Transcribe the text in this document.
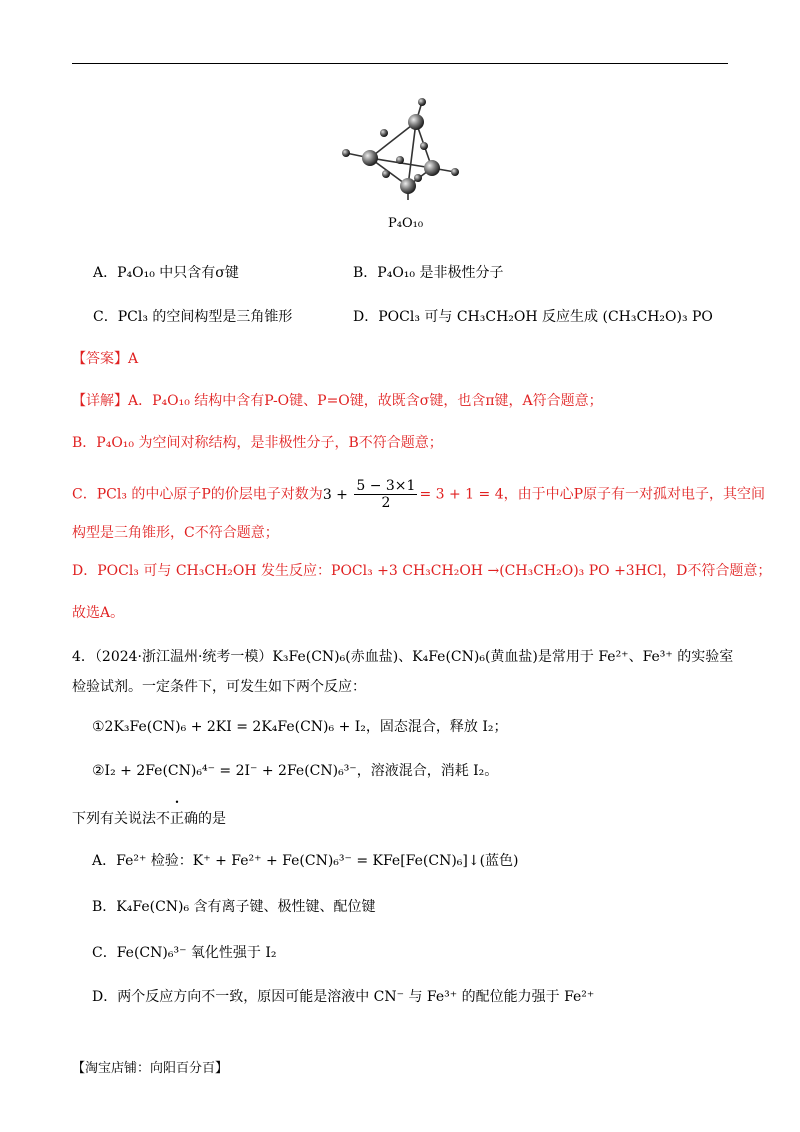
P₄O₁₀
A．P₄O₁₀ 中只含有σ键	B．P₄O₁₀ 是非极性分子
C．PCl₃ 的空间构型是三角锥形	D．POCl₃ 可与 CH₃CH₂OH 反应生成 (CH₃CH₂O)₃ PO
【答案】A
【详解】A．P₄O₁₀ 结构中含有P-O键、P=O键，故既含σ键，也含π键，A符合题意；
B．P₄O₁₀ 为空间对称结构，是非极性分子，B不符合题意；
C．PCl₃ 的中心原子P的价层电子对数为$3 + \frac{5 - 3\times 1}{2} = 3 + 1 = 4$，由于中心P原子有一对孤对电子，其空间
构型是三角锥形，C不符合题意；
D．POCl₃ 可与 CH₃CH₂OH 发生反应：POCl₃ +3 CH₃CH₂OH →(CH₃CH₂O)₃ PO +3HCl，D不符合题意；
故选A。
4．（2024·浙江温州·统考一模）K₃Fe(CN)₆(赤血盐)、K₄Fe(CN)₆(黄血盐)是常用于 Fe²⁺、Fe³⁺ 的实验室
检验试剂。一定条件下，可发生如下两个反应：
①2K₃Fe(CN)₆ + 2KI = 2K₄Fe(CN)₆ + I₂，固态混合，释放 I₂；
②I₂ + 2Fe(CN)₆⁴⁻ = 2I⁻ + 2Fe(CN)₆³⁻，溶液混合，消耗 I₂。
下列有关说法不正确的是
A．Fe²⁺ 检验：K⁺ + Fe²⁺ + Fe(CN)₆³⁻ = KFe[Fe(CN)₆]↓(蓝色)
B．K₄Fe(CN)₆ 含有离子键、极性键、配位键
C．Fe(CN)₆³⁻ 氧化性强于 I₂
D．两个反应方向不一致，原因可能是溶液中 CN⁻ 与 Fe³⁺ 的配位能力强于 Fe²⁺
【淘宝店铺：向阳百分百】
